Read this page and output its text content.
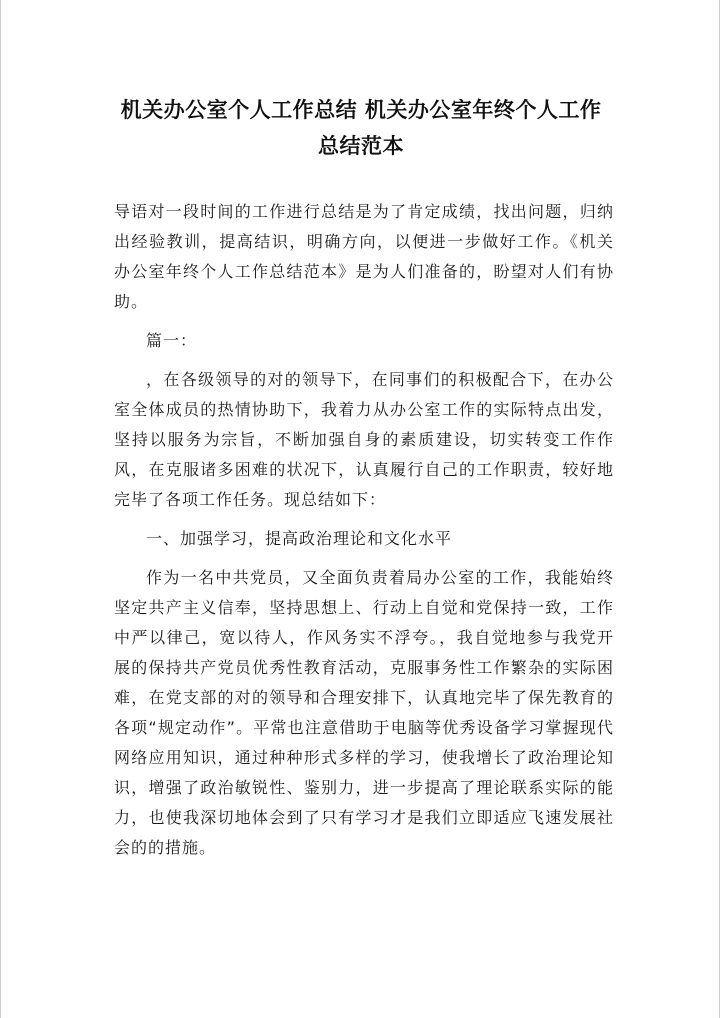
机关办公室个人工作总结 机关办公室年终个人工作
总结范本

导语对一段时间的工作进行总结是为了肯定成绩，找出问题，归纳出经验教训，提高结识，明确方向，以便进一步做好工作。《机关办公室年终个人工作总结范本》是为人们准备的，盼望对人们有协助。

篇一：

，在各级领导的对的领导下，在同事们的积极配合下，在办公室全体成员的热情协助下，我着力从办公室工作的实际特点出发，坚持以服务为宗旨，不断加强自身的素质建设，切实转变工作作风，在克服诸多困难的状况下，认真履行自己的工作职责，较好地完毕了各项工作任务。现总结如下：

一、加强学习，提高政治理论和文化水平

作为一名中共党员，又全面负责着局办公室的工作，我能始终坚定共产主义信奉，坚持思想上、行动上自觉和党保持一致，工作中严以律己，宽以待人，作风务实不浮夸。，我自觉地参与我党开展的保持共产党员优秀性教育活动，克服事务性工作繁杂的实际困难，在党支部的对的领导和合理安排下，认真地完毕了保先教育的各项“规定动作”。平常也注意借助于电脑等优秀设备学习掌握现代网络应用知识，通过种种形式多样的学习，使我增长了政治理论知识，增强了政治敏锐性、鉴别力，进一步提高了理论联系实际的能力，也使我深切地体会到了只有学习才是我们立即适应飞速发展社会的的措施。
